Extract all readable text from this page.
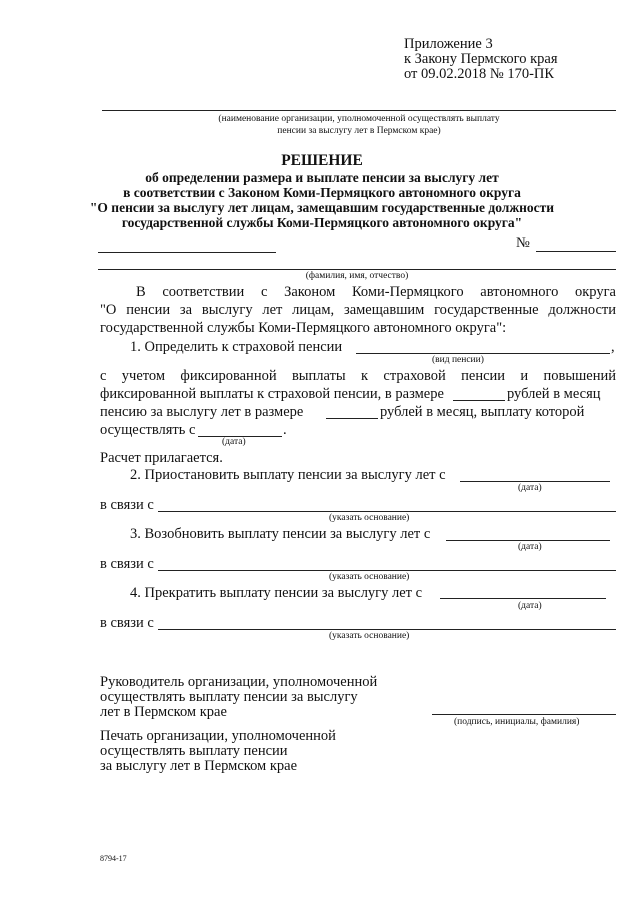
Приложение 3
к Закону Пермского края
от 09.02.2018 № 170-ПК
(наименование организации, уполномоченной осуществлять выплату
пенсии за выслугу лет в Пермском крае)
РЕШЕНИЕ
об определении размера и выплате пенсии за выслугу лет
в соответствии с Законом Коми-Пермяцкого автономного округа
"О пенсии за выслугу лет лицам, замещавшим государственные должности
государственной службы Коми-Пермяцкого автономного округа"
№
(фамилия, имя, отчество)
В соответствии с Законом Коми-Пермяцкого автономного округа
"О пенсии за выслугу лет лицам, замещавшим государственные должности
государственной службы Коми-Пермяцкого автономного округа":
1. Определить к страховой пенсии	,
(вид пенсии)
с учетом фиксированной выплаты к страховой пенсии и повышений
фиксированной выплаты к страховой пенсии, в размере	рублей в месяц
пенсию за выслугу лет в размере	рублей в месяц, выплату которой
осуществлять с	.
(дата)
Расчет прилагается.
2. Приостановить выплату пенсии за выслугу лет с
(дата)
в связи с
(указать основание)
3. Возобновить выплату пенсии за выслугу лет с
(дата)
в связи с
(указать основание)
4. Прекратить выплату пенсии за выслугу лет с
(дата)
в связи с
(указать основание)
Руководитель организации, уполномоченной
осуществлять выплату пенсии за выслугу
лет в Пермском крае
(подпись, инициалы, фамилия)
Печать организации, уполномоченной
осуществлять выплату пенсии
за выслугу лет в Пермском крае
8794-17
